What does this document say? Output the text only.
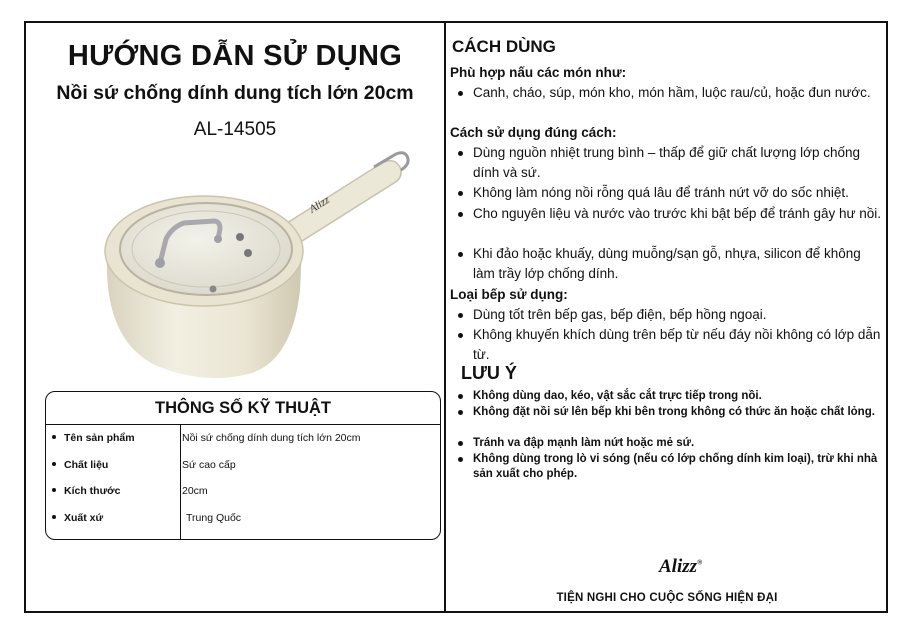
HƯỚNG DẪN SỬ DỤNG
Nồi sứ chống dính dung tích lớn 20cm
AL-14505
Alizz
THÔNG SỐ KỸ THUẬT
Tên sản phẩm	Nồi sứ chống dính dung tích lớn 20cm
Chất liệu	Sứ cao cấp
Kích thước	20cm
Xuất xứ	Trung Quốc
CÁCH DÙNG
Phù hợp nấu các món như:
Canh, cháo, súp, món kho, món hầm, luộc rau/củ, hoặc đun nước.
Cách sử dụng đúng cách:
Dùng nguồn nhiệt trung bình – thấp để giữ chất lượng lớp chống dính và sứ.
Không làm nóng nồi rỗng quá lâu để tránh nứt vỡ do sốc nhiệt.
Cho nguyên liệu và nước vào trước khi bật bếp để tránh gây hư nồi.
Khi đảo hoặc khuấy, dùng muỗng/sạn gỗ, nhựa, silicon để không làm trầy lớp chống dính.
Loại bếp sử dụng:
Dùng tốt trên bếp gas, bếp điện, bếp hồng ngoại.
Không khuyến khích dùng trên bếp từ nếu đáy nồi không có lớp dẫn từ.
LƯU Ý
Không dùng dao, kéo, vật sắc cắt trực tiếp trong nồi.
Không đặt nồi sứ lên bếp khi bên trong không có thức ăn hoặc chất lỏng.
Tránh va đập mạnh làm nứt hoặc mẻ sứ.
Không dùng trong lò vi sóng (nếu có lớp chống dính kim loại), trừ khi nhà sản xuất cho phép.
Alizz®
TIỆN NGHI CHO CUỘC SỐNG HIỆN ĐẠI
